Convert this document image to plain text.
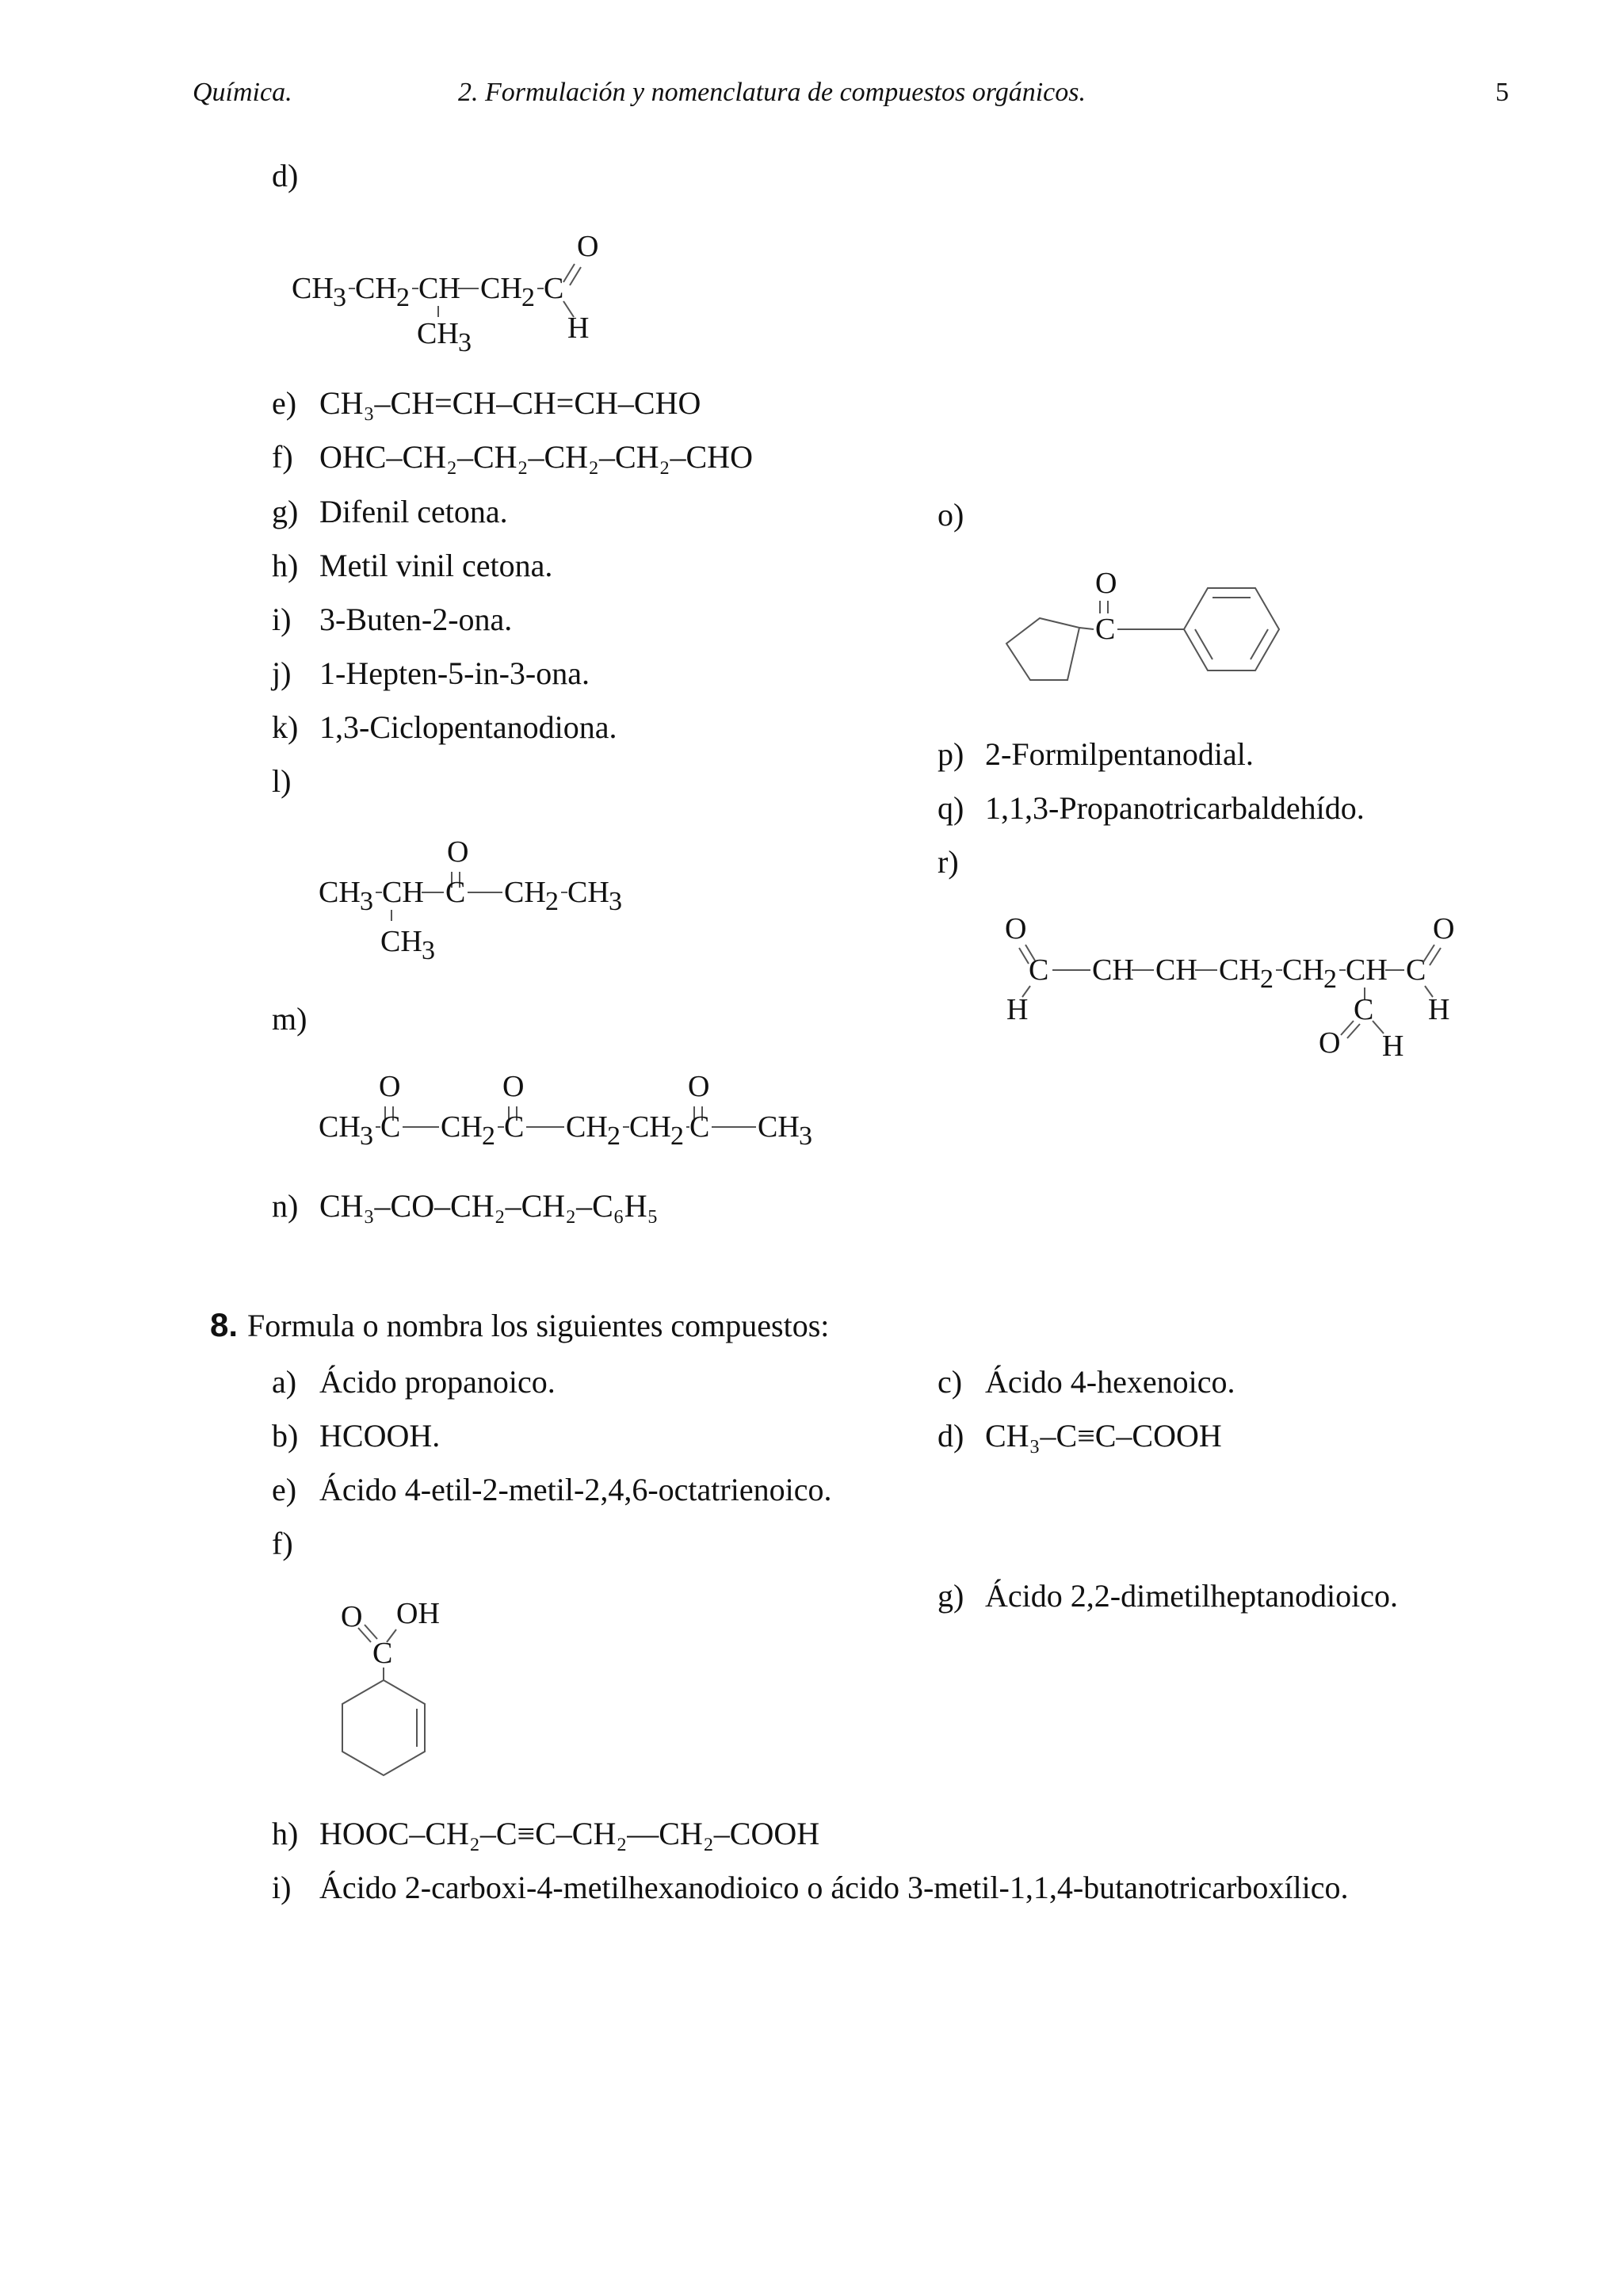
Química.	2. Formulación y nomenclatura de compuestos orgánicos.	5
d)
O
CH 3 CH 2 CH CH 2 C
H
CH 3
e) CH₃–CH=CH–CH=CH–CHO
f) OHC–CH₂–CH₂–CH₂–CH₂–CHO
g) Difenil cetona.
h) Metil vinil cetona.
i) 3-Buten-2-ona.
j) 1-Hepten-5-in-3-ona.
k) 1,3-Ciclopentanodiona.
l)
O
CH 3 CH C CH 2 CH 3
CH 3
m)
O	O	O
CH 3 C CH 2 C CH 2 CH 2 C CH 3
n) CH₃–CO–CH₂–CH₂–C₆H₅
o)
O
C
p) 2-Formilpentanodial.
q) 1,1,3-Propanotricarbaldehído.
r)
O
C
H
CH CH CH 2 CH 2 CH C
O
H
C
O H
8. Formula o nombra los siguientes compuestos:
a) Ácido propanoico.
b) HCOOH.
c) Ácido 4-hexenoico.
d) CH₃–C≡C–COOH
e) Ácido 4-etil-2-metil-2,4,6-octatrienoico.
f)
g) Ácido 2,2-dimetilheptanodioico.
O OH
C
h) HOOC–CH₂–C≡C–CH₂—CH₂–COOH
i) Ácido 2-carboxi-4-metilhexanodioico o ácido 3-metil-1,1,4-butanotricarboxílico.
